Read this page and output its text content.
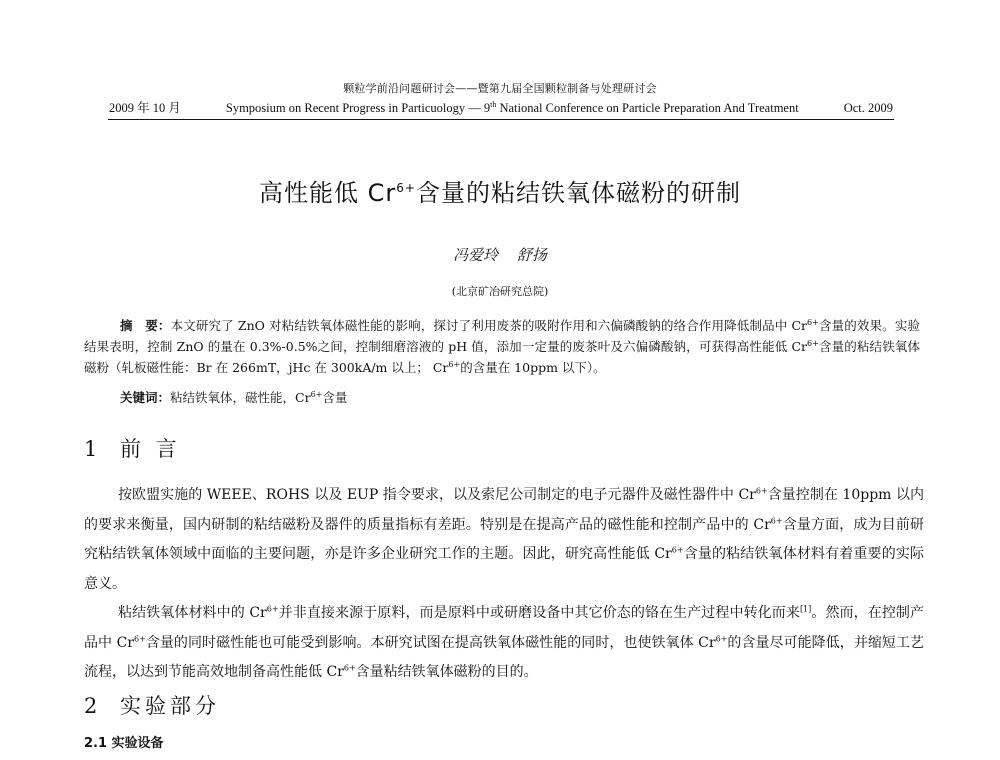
颗粒学前沿问题研讨会——暨第九届全国颗粒制备与处理研讨会
2009 年 10 月	Symposium on Recent Progress in Particuology — 9th National Conference on Particle Preparation And Treatment	Oct. 2009
高性能低 $Cr^{6+}$含量的粘结铁氧体磁粉的研制
冯爱玲 舒扬
(北京矿冶研究总院)
摘　要：本文研究了 ZnO 对粘结铁氧体磁性能的影响，探讨了利用废茶的吸附作用和六偏磷酸钠的络合作用降低制品中 $Cr^{6+}$含量的效果。实验结果表明，控制 ZnO 的量在 0.3%-0.5%之间，控制细磨溶液的 pH 值，添加一定量的废茶叶及六偏磷酸钠，可获得高性能低 $Cr^{6+}$含量的粘结铁氧体磁粉（轧板磁性能：Br 在 266mT，jHc 在 300kA/m 以上； $Cr^{6+}$的含量在 10ppm 以下）。
关键词：粘结铁氧体，磁性能，$Cr^{6+}$含量
1 前 言
按欧盟实施的 WEEE、ROHS 以及 EUP 指令要求，以及索尼公司制定的电子元器件及磁性器件中 $Cr^{6+}$含量控制在 10ppm 以内的要求来衡量，国内研制的粘结磁粉及器件的质量指标有差距。特别是在提高产品的磁性能和控制产品中的 $Cr^{6+}$含量方面，成为目前研究粘结铁氧体领域中面临的主要问题，亦是许多企业研究工作的主题。因此，研究高性能低 $Cr^{6+}$含量的粘结铁氧体材料有着重要的实际意义。
粘结铁氧体材料中的 $Cr^{6+}$并非直接来源于原料，而是原料中或研磨设备中其它价态的铬在生产过程中转化而来[1]。然而，在控制产品中 $Cr^{6+}$含量的同时磁性能也可能受到影响。本研究试图在提高铁氧体磁性能的同时，也使铁氧体 $Cr^{6+}$的含量尽可能降低，并缩短工艺流程，以达到节能高效地制备高性能低 $Cr^{6+}$含量粘结铁氧体磁粉的目的。
2 实验部分
2.1 实验设备
